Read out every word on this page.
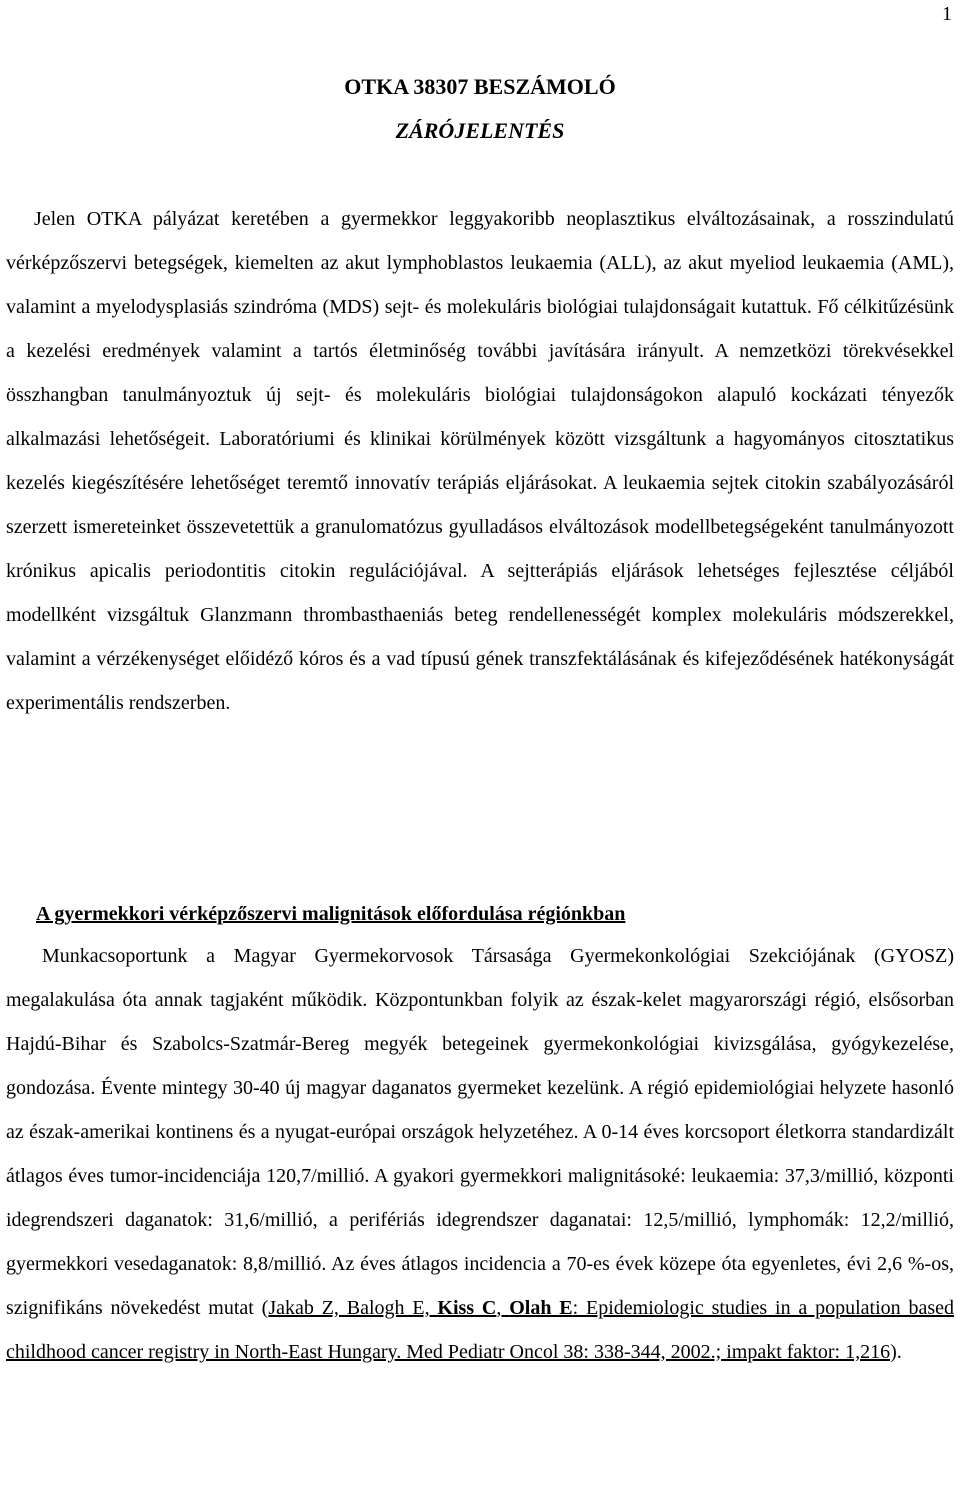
1
OTKA 38307 BESZÁMOLÓ
ZÁRÓJELENTÉS

Jelen OTKA pályázat keretében a gyermekkor leggyakoribb neoplasztikus elváltozásainak, a rosszindulatú vérképzőszervi betegségek, kiemelten az akut lymphoblastos leukaemia (ALL), az akut myeliod leukaemia (AML), valamint a myelodysplasiás szindróma (MDS) sejt- és molekuláris biológiai tulajdonságait kutattuk. Fő célkitűzésünk a kezelési eredmények valamint a tartós életminőség további javítására irányult. A nemzetközi törekvésekkel összhangban tanulmányoztuk új sejt- és molekuláris biológiai tulajdonságokon alapuló kockázati tényezők alkalmazási lehetőségeit. Laboratóriumi és klinikai körülmények között vizsgáltunk a hagyományos citosztatikus kezelés kiegészítésére lehetőséget teremtő innovatív terápiás eljárásokat. A leukaemia sejtek citokin szabályozásáról szerzett ismereteinket összevetettük a granulomatózus gyulladásos elváltozások modellbetegségeként tanulmányozott krónikus apicalis periodontitis citokin regulációjával. A sejtterápiás eljárások lehetséges fejlesztése céljából modellként vizsgáltuk Glanzmann thrombasthaeniás beteg rendellenességét komplex molekuláris módszerekkel, valamint a vérzékenységet előidéző kóros és a vad típusú gének transzfektálásának és kifejeződésének hatékonyságát experimentális rendszerben.

A gyermekkori vérképzőszervi malignitások előfordulása régiónkban

Munkacsoportunk a Magyar Gyermekorvosok Társasága Gyermekonkológiai Szekciójának (GYOSZ) megalakulása óta annak tagjaként működik. Központunkban folyik az észak-kelet magyarországi régió, elsősorban Hajdú-Bihar és Szabolcs-Szatmár-Bereg megyék betegeinek gyermekonkológiai kivizsgálása, gyógykezelése, gondozása. Évente mintegy 30-40 új magyar daganatos gyermeket kezelünk. A régió epidemiológiai helyzete hasonló az észak-amerikai kontinens és a nyugat-európai országok helyzetéhez. A 0-14 éves korcsoport életkorra standardizált átlagos éves tumor-incidenciája 120,7/millió. A gyakori gyermekkori malignitásoké: leukaemia: 37,3/millió, központi idegrendszeri daganatok: 31,6/millió, a perifériás idegrendszer daganatai: 12,5/millió, lymphomák: 12,2/millió, gyermekkori vesedaganatok: 8,8/millió. Az éves átlagos incidencia a 70-es évek közepe óta egyenletes, évi 2,6 %-os, szignifikáns növekedést mutat (Jakab Z, Balogh E, Kiss C, Olah E: Epidemiologic studies in a population based childhood cancer registry in North-East Hungary. Med Pediatr Oncol 38: 338-344, 2002.; impakt faktor: 1,216).
